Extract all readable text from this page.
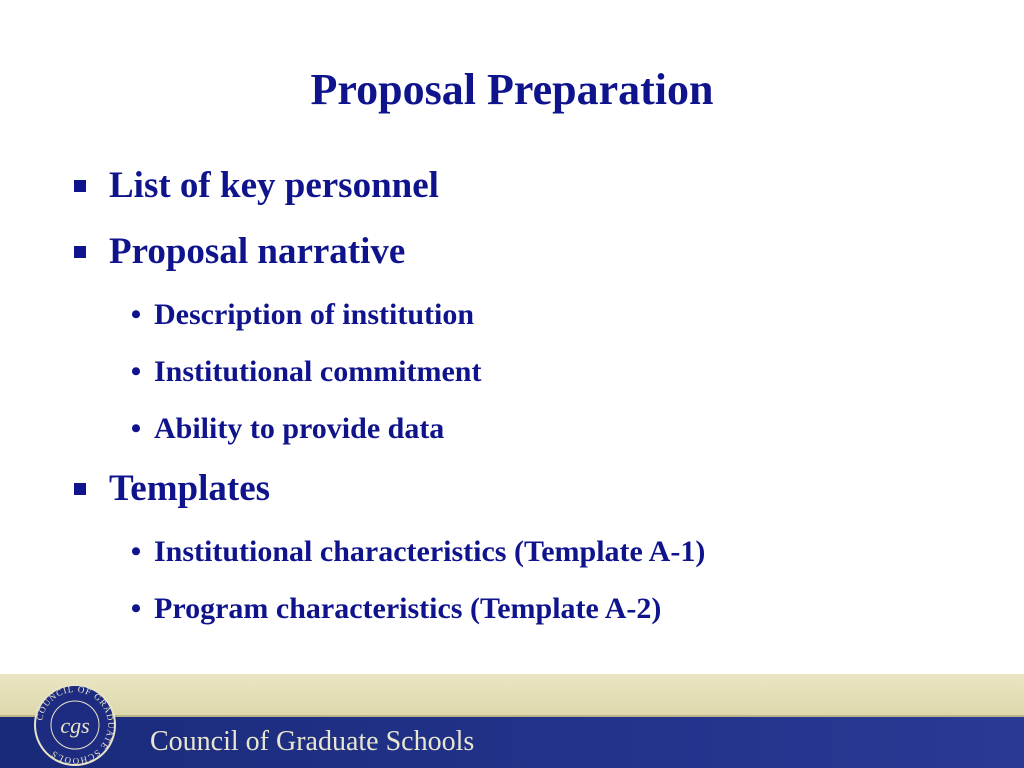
Proposal Preparation
List of key personnel
Proposal narrative
• Description of institution
• Institutional commitment
• Ability to provide data
Templates
• Institutional characteristics (Template A-1)
• Program characteristics (Template A-2)
COUNCIL OF GRADUATE SCHOOLS
cgs
Council of Graduate Schools
